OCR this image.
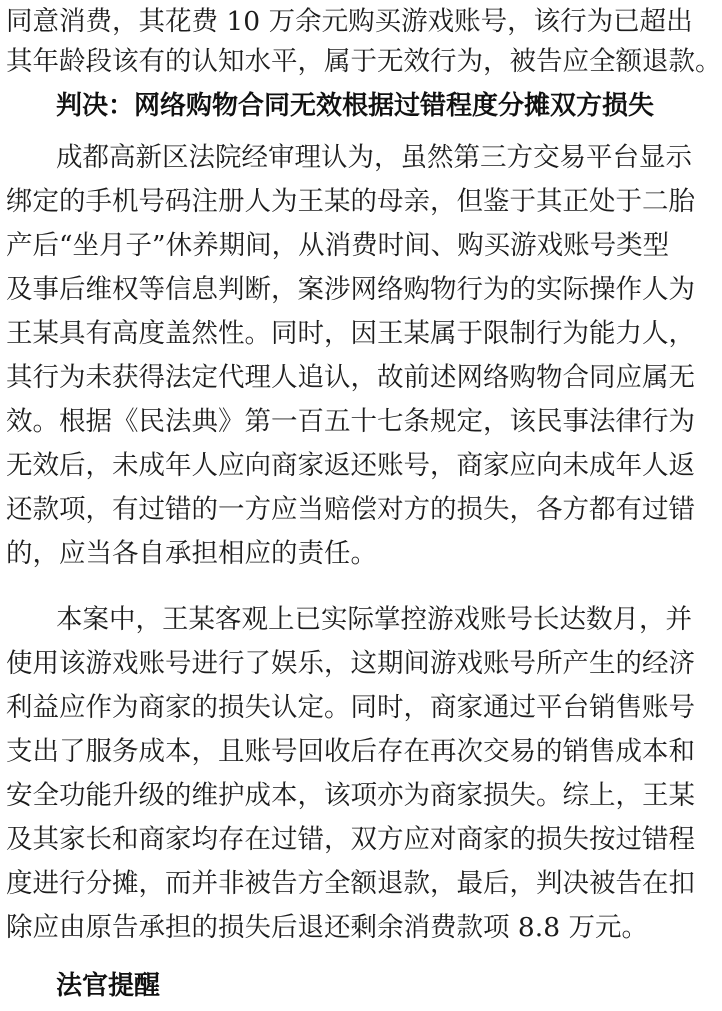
同意消费，其花费 10 万余元购买游戏账号，该行为已超出
其年龄段该有的认知水平，属于无效行为，被告应全额退款。
判决：网络购物合同无效根据过错程度分摊双方损失
成都高新区法院经审理认为，虽然第三方交易平台显示
绑定的手机号码注册人为王某的母亲，但鉴于其正处于二胎
产后“坐月子”休养期间，从消费时间、购买游戏账号类型
及事后维权等信息判断，案涉网络购物行为的实际操作人为
王某具有高度盖然性。同时，因王某属于限制行为能力人，
其行为未获得法定代理人追认，故前述网络购物合同应属无
效。根据《民法典》第一百五十七条规定，该民事法律行为
无效后，未成年人应向商家返还账号，商家应向未成年人返
还款项，有过错的一方应当赔偿对方的损失，各方都有过错
的，应当各自承担相应的责任。
本案中，王某客观上已实际掌控游戏账号长达数月，并
使用该游戏账号进行了娱乐，这期间游戏账号所产生的经济
利益应作为商家的损失认定。同时，商家通过平台销售账号
支出了服务成本，且账号回收后存在再次交易的销售成本和
安全功能升级的维护成本，该项亦为商家损失。综上，王某
及其家长和商家均存在过错，双方应对商家的损失按过错程
度进行分摊，而并非被告方全额退款，最后，判决被告在扣
除应由原告承担的损失后退还剩余消费款项 8.8 万元。
法官提醒
